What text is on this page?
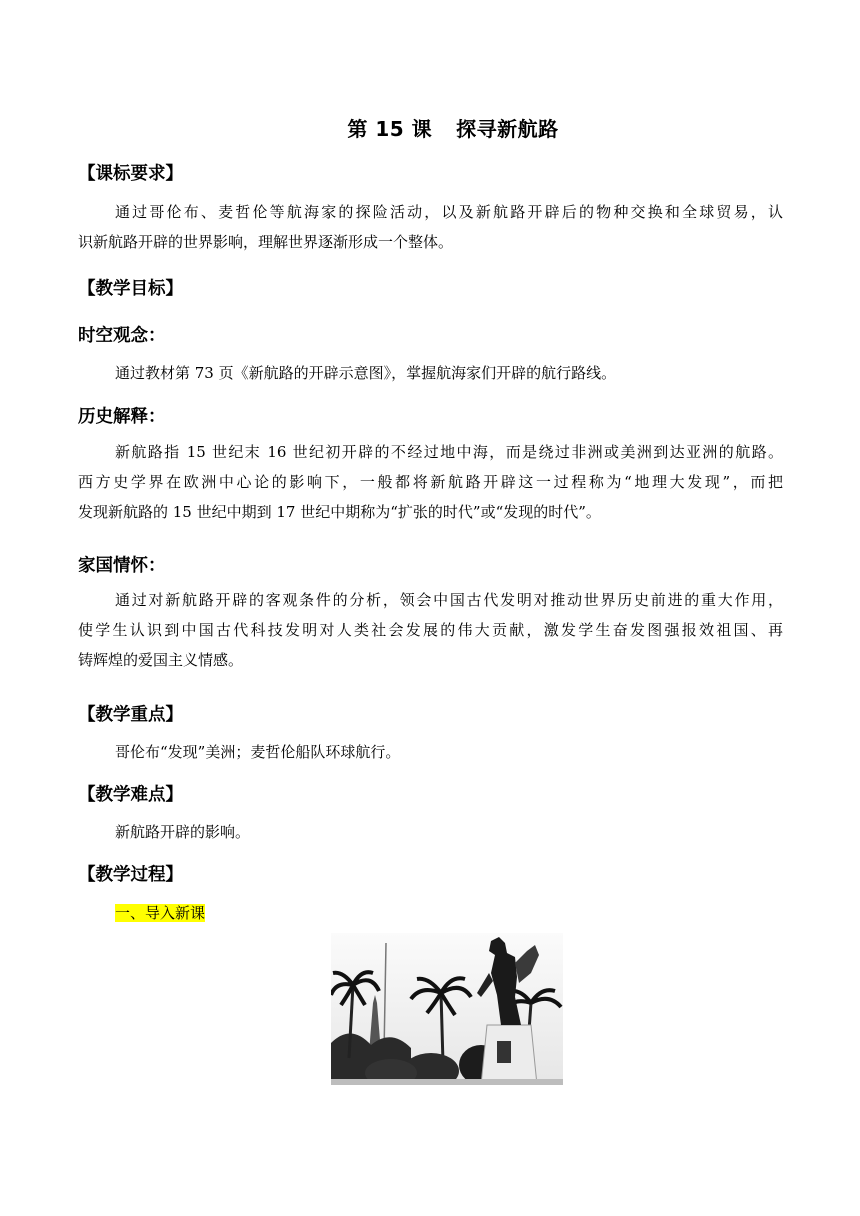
第 15 课 探寻新航路
【课标要求】
通过哥伦布、麦哲伦等航海家的探险活动，以及新航路开辟后的物种交换和全球贸易，认
识新航路开辟的世界影响，理解世界逐渐形成一个整体。
【教学目标】
时空观念：
通过教材第 73 页《新航路的开辟示意图》，掌握航海家们开辟的航行路线。
历史解释：
新航路指 15 世纪末 16 世纪初开辟的不经过地中海，而是绕过非洲或美洲到达亚洲的航路。
西方史学界在欧洲中心论的影响下，一般都将新航路开辟这一过程称为“地理大发现”，而把
发现新航路的 15 世纪中期到 17 世纪中期称为“扩张的时代”或“发现的时代”。
家国情怀：
通过对新航路开辟的客观条件的分析，领会中国古代发明对推动世界历史前进的重大作用，
使学生认识到中国古代科技发明对人类社会发展的伟大贡献，激发学生奋发图强报效祖国、再
铸辉煌的爱国主义情感。
【教学重点】
哥伦布“发现”美洲；麦哲伦船队环球航行。
【教学难点】
新航路开辟的影响。
【教学过程】
一、导入新课
